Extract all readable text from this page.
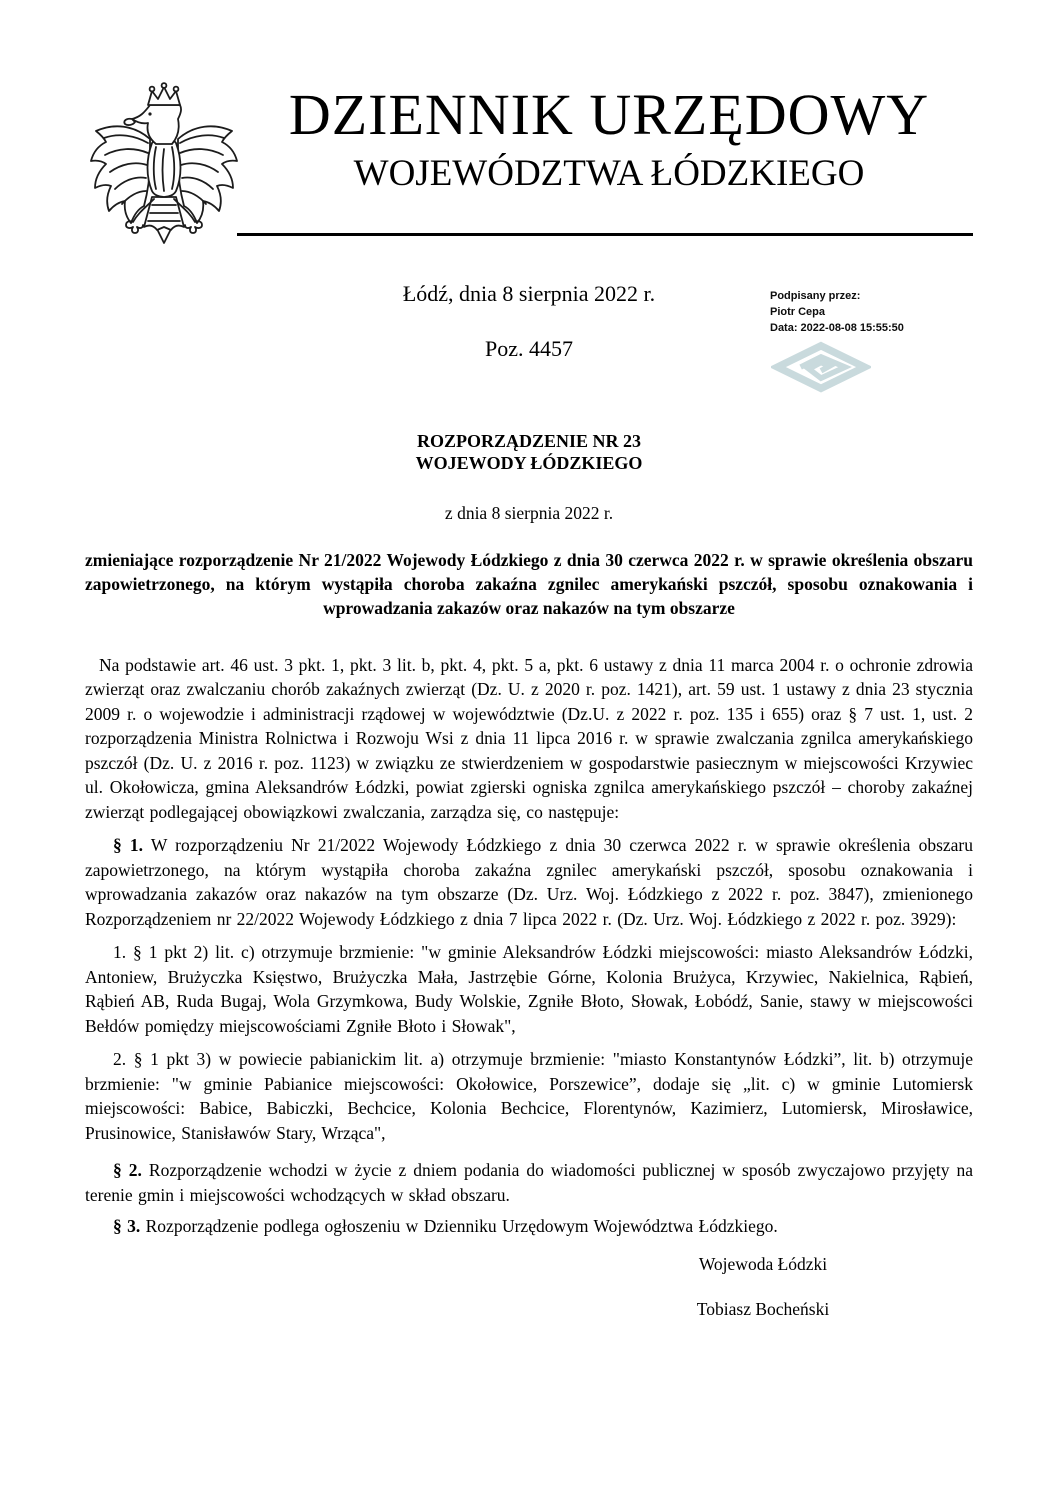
DZIENNIK URZĘDOWY
WOJEWÓDZTWA ŁÓDZKIEGO
Łódź, dnia 8 sierpnia 2022 r.
Poz. 4457
Podpisany przez:
Piotr Cepa
Data: 2022-08-08 15:55:50
ROZPORZĄDZENIE NR 23
WOJEWODY ŁÓDZKIEGO
z dnia 8 sierpnia 2022 r.

zmieniające rozporządzenie Nr 21/2022 Wojewody Łódzkiego z dnia 30 czerwca 2022 r. w sprawie określenia obszaru zapowietrzonego, na którym wystąpiła choroba zakaźna zgnilec amerykański pszczół, sposobu oznakowania i wprowadzania zakazów oraz nakazów na tym obszarze

Na podstawie art. 46 ust. 3 pkt. 1, pkt. 3 lit. b, pkt. 4, pkt. 5 a, pkt. 6 ustawy z dnia 11 marca 2004 r. o ochronie zdrowia zwierząt oraz zwalczaniu chorób zakaźnych zwierząt (Dz. U. z 2020 r. poz. 1421), art. 59 ust. 1 ustawy z dnia 23 stycznia 2009 r. o wojewodzie i administracji rządowej w województwie (Dz.U. z 2022 r. poz. 135 i 655) oraz § 7 ust. 1, ust. 2 rozporządzenia Ministra Rolnictwa i Rozwoju Wsi z dnia 11 lipca 2016 r. w sprawie zwalczania zgnilca amerykańskiego pszczół (Dz. U. z 2016 r. poz. 1123) w związku ze stwierdzeniem w gospodarstwie pasiecznym w miejscowości Krzywiec ul. Okołowicza, gmina Aleksandrów Łódzki, powiat zgierski ogniska zgnilca amerykańskiego pszczół – choroby zakaźnej zwierząt podlegającej obowiązkowi zwalczania, zarządza się, co następuje:

§ 1. W rozporządzeniu Nr 21/2022 Wojewody Łódzkiego z dnia 30 czerwca 2022 r. w sprawie określenia obszaru zapowietrzonego, na którym wystąpiła choroba zakaźna zgnilec amerykański pszczół, sposobu oznakowania i wprowadzania zakazów oraz nakazów na tym obszarze (Dz. Urz. Woj. Łódzkiego z 2022 r. poz. 3847), zmienionego Rozporządzeniem nr 22/2022 Wojewody Łódzkiego z dnia 7 lipca 2022 r. (Dz. Urz. Woj. Łódzkiego z 2022 r. poz. 3929):

1. § 1 pkt 2) lit. c) otrzymuje brzmienie: "w gminie Aleksandrów Łódzki miejscowości: miasto Aleksandrów Łódzki, Antoniew, Brużyczka Księstwo, Brużyczka Mała, Jastrzębie Górne, Kolonia Brużyca, Krzywiec, Nakielnica, Rąbień, Rąbień AB, Ruda Bugaj, Wola Grzymkowa, Budy Wolskie, Zgniłe Błoto, Słowak, Łobódź, Sanie, stawy w miejscowości Bełdów pomiędzy miejscowościami Zgniłe Błoto i Słowak",

2. § 1 pkt 3) w powiecie pabianickim lit. a) otrzymuje brzmienie: "miasto Konstantynów Łódzki”, lit. b) otrzymuje brzmienie: "w gminie Pabianice miejscowości: Okołowice, Porszewice”, dodaje się „lit. c) w gminie Lutomiersk miejscowości: Babice, Babiczki, Bechcice, Kolonia Bechcice, Florentynów, Kazimierz, Lutomiersk, Mirosławice, Prusinowice, Stanisławów Stary, Wrząca",

§ 2. Rozporządzenie wchodzi w życie z dniem podania do wiadomości publicznej w sposób zwyczajowo przyjęty na terenie gmin i miejscowości wchodzących w skład obszaru.

§ 3. Rozporządzenie podlega ogłoszeniu w Dzienniku Urzędowym Województwa Łódzkiego.

Wojewoda Łódzki
Tobiasz Bocheński
